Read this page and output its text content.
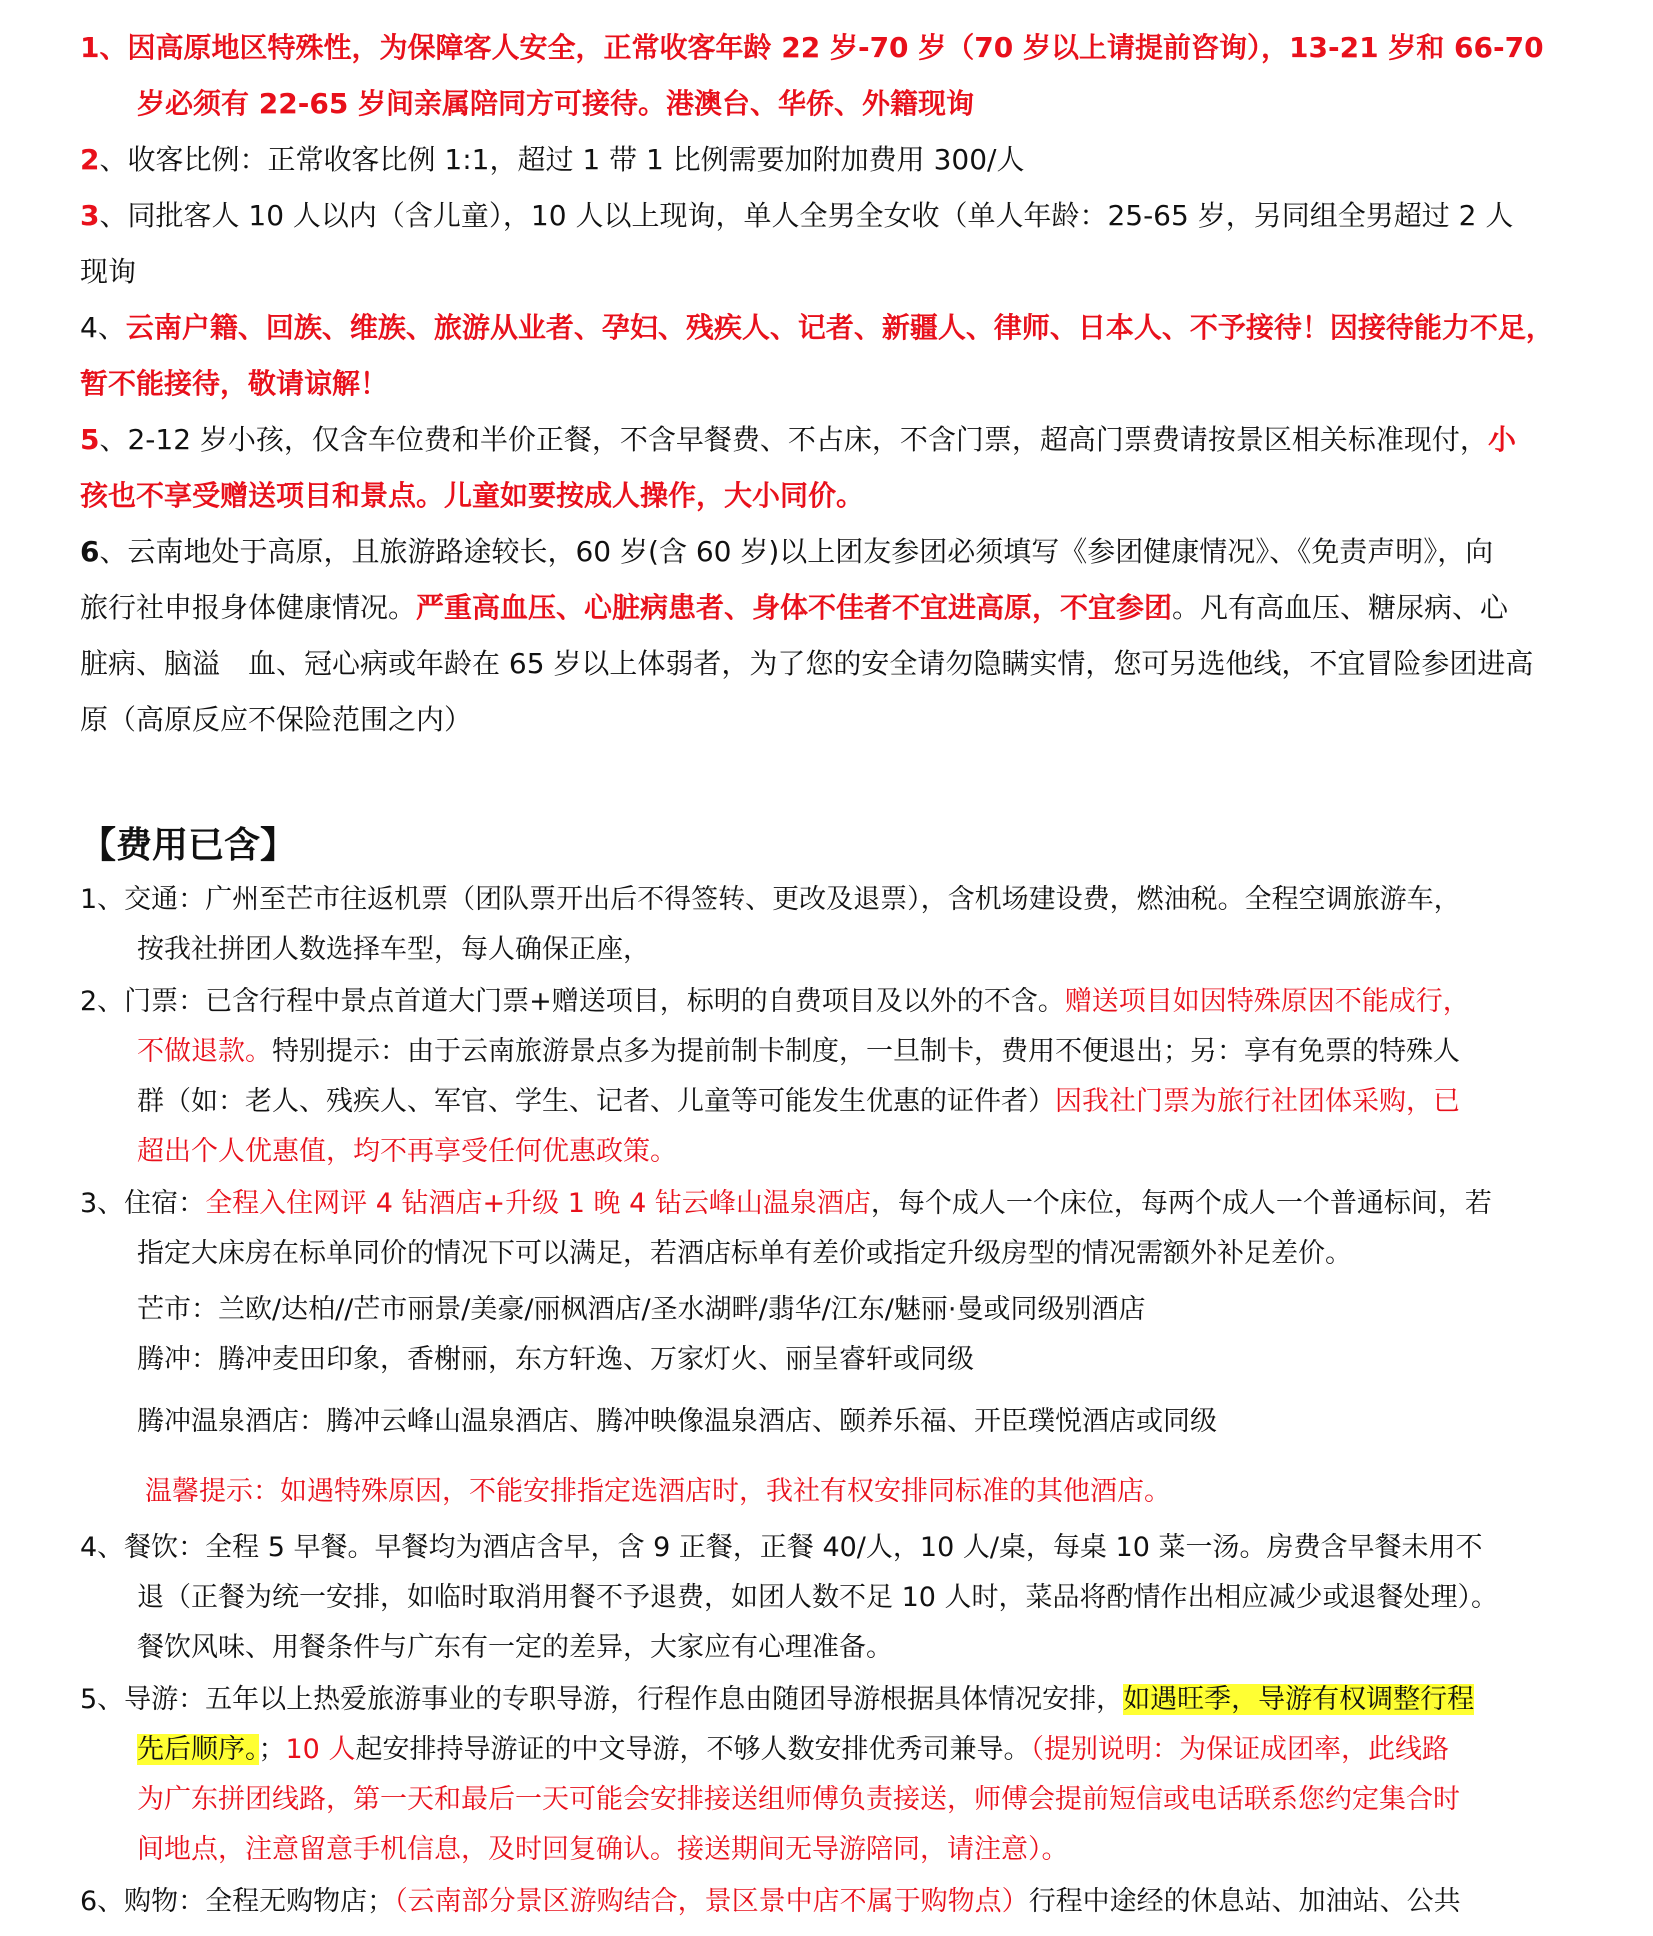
1、因高原地区特殊性，为保障客人安全，正常收客年龄 22 岁-70 岁（70 岁以上请提前咨询），13-21 岁和 66-70
岁必须有 22-65 岁间亲属陪同方可接待。港澳台、华侨、外籍现询
2、收客比例：正常收客比例 1:1，超过 1 带 1 比例需要加附加费用 300/人
3、同批客人 10 人以内（含儿童），10 人以上现询，单人全男全女收（单人年龄：25-65 岁，另同组全男超过 2 人
现询
4、云南户籍、回族、维族、旅游从业者、孕妇、残疾人、记者、新疆人、律师、日本人、不予接待！因接待能力不足，
暂不能接待，敬请谅解！
5、2-12 岁小孩，仅含车位费和半价正餐，不含早餐费、不占床，不含门票，超高门票费请按景区相关标准现付，小
孩也不享受赠送项目和景点。儿童如要按成人操作，大小同价。
6、云南地处于高原，且旅游路途较长，60 岁(含 60 岁)以上团友参团必须填写《参团健康情况》、《免责声明》，向
旅行社申报身体健康情况。严重高血压、心脏病患者、身体不佳者不宜进高原，不宜参团。凡有高血压、糖尿病、心
脏病、脑溢　血、冠心病或年龄在 65 岁以上体弱者，为了您的安全请勿隐瞒实情，您可另选他线，不宜冒险参团进高
原（高原反应不保险范围之内）
【费用已含】
1、交通：广州至芒市往返机票（团队票开出后不得签转、更改及退票），含机场建设费，燃油税。全程空调旅游车，
按我社拼团人数选择车型，每人确保正座，
2、门票：已含行程中景点首道大门票+赠送项目，标明的自费项目及以外的不含。赠送项目如因特殊原因不能成行，
不做退款。特别提示：由于云南旅游景点多为提前制卡制度，一旦制卡，费用不便退出；另：享有免票的特殊人
群（如：老人、残疾人、军官、学生、记者、儿童等可能发生优惠的证件者）因我社门票为旅行社团体采购，已
超出个人优惠值，均不再享受任何优惠政策。
3、住宿：全程入住网评 4 钻酒店+升级 1 晚 4 钻云峰山温泉酒店，每个成人一个床位，每两个成人一个普通标间，若
指定大床房在标单同价的情况下可以满足，若酒店标单有差价或指定升级房型的情况需额外补足差价。
芒市：兰欧/达柏//芒市丽景/美豪/丽枫酒店/圣水湖畔/翡华/江东/魅丽·曼或同级别酒店
腾冲：腾冲麦田印象，香榭丽，东方轩逸、万家灯火、丽呈睿轩或同级
腾冲温泉酒店：腾冲云峰山温泉酒店、腾冲映像温泉酒店、颐养乐福、开臣璞悦酒店或同级
温馨提示：如遇特殊原因，不能安排指定选酒店时，我社有权安排同标准的其他酒店。
4、餐饮：全程 5 早餐。早餐均为酒店含早，含 9 正餐，正餐 40/人，10 人/桌，每桌 10 菜一汤。房费含早餐未用不
退（正餐为统一安排，如临时取消用餐不予退费，如团人数不足 10 人时，菜品将酌情作出相应减少或退餐处理）。
餐饮风味、用餐条件与广东有一定的差异，大家应有心理准备。
5、导游：五年以上热爱旅游事业的专职导游，行程作息由随团导游根据具体情况安排，如遇旺季，导游有权调整行程
先后顺序。；10 人起安排持导游证的中文导游，不够人数安排优秀司兼导。（提别说明：为保证成团率，此线路
为广东拼团线路，第一天和最后一天可能会安排接送组师傅负责接送，师傅会提前短信或电话联系您约定集合时
间地点，注意留意手机信息，及时回复确认。接送期间无导游陪同，请注意）。
6、购物：全程无购物店；（云南部分景区游购结合，景区景中店不属于购物点）行程中途经的休息站、加油站、公共
